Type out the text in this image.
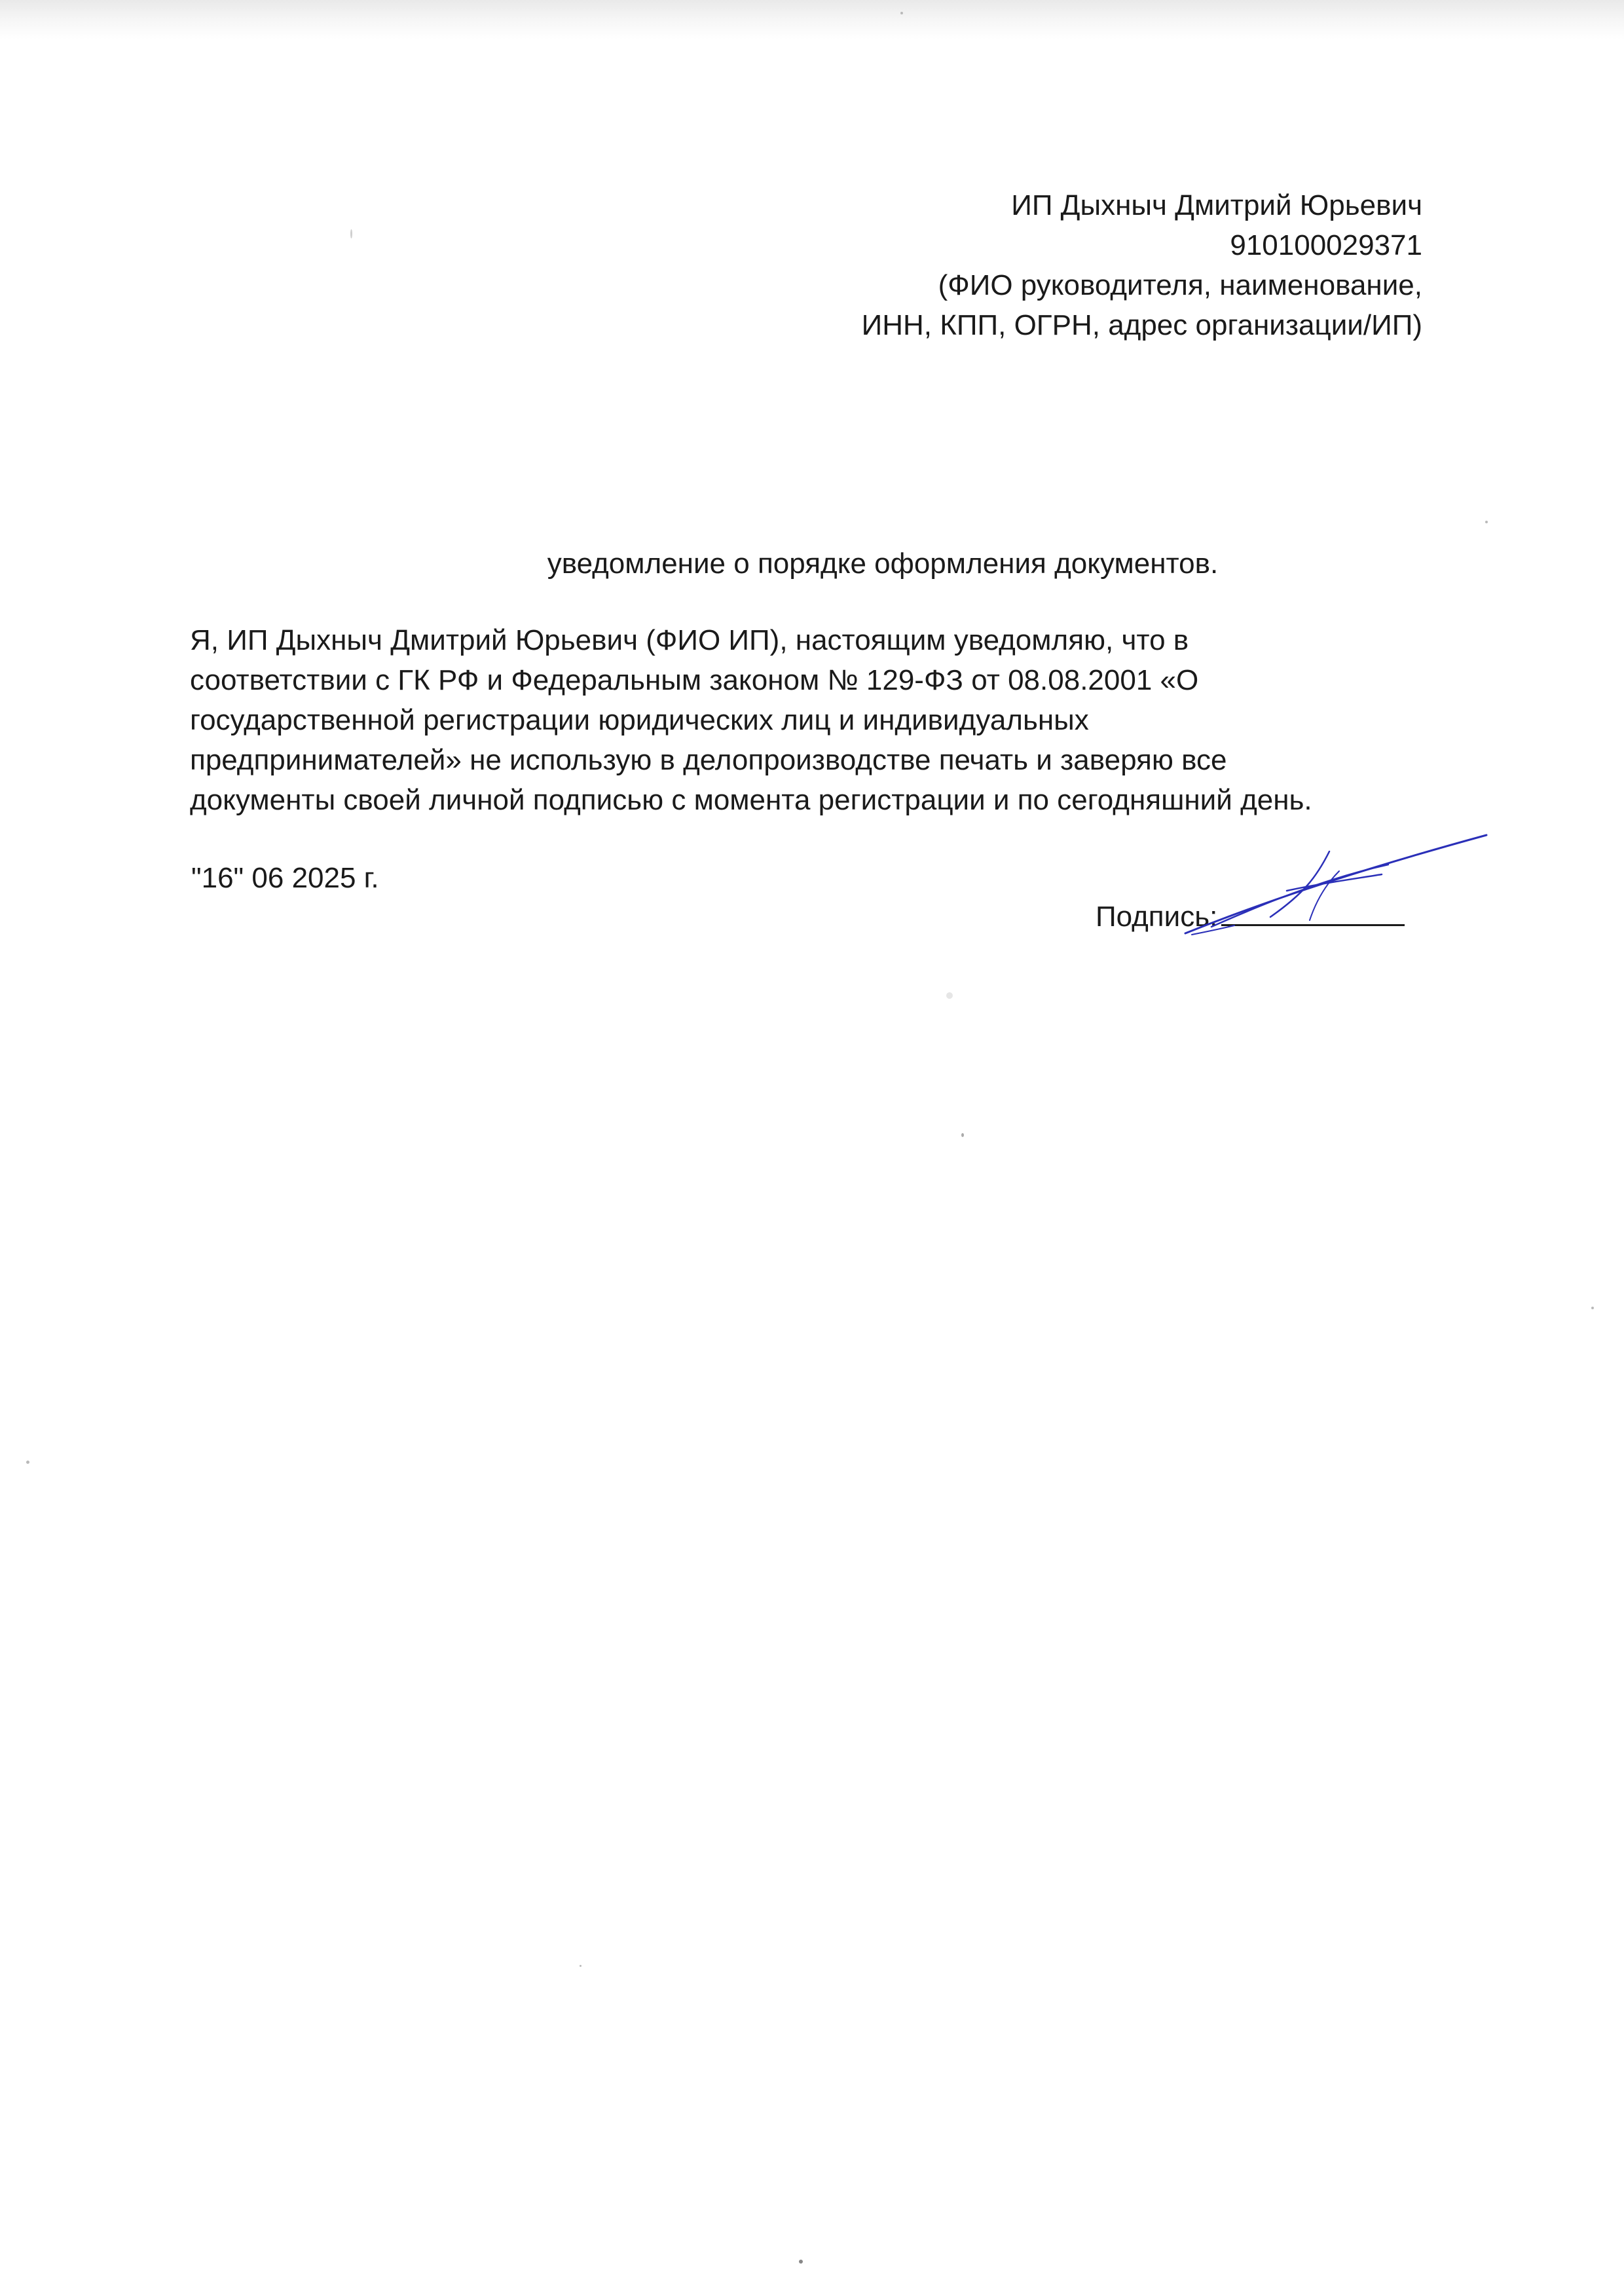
ИП Дыхныч Дмитрий Юрьевич
910100029371
(ФИО руководителя, наименование,
ИНН, КПП, ОГРН, адрес организации/ИП)
уведомление о порядке оформления документов.
Я, ИП Дыхныч Дмитрий Юрьевич (ФИО ИП), настоящим уведомляю, что в
соответствии с ГК РФ и Федеральным законом № 129-ФЗ от 08.08.2001 «О
государственной регистрации юридических лиц и индивидуальных
предпринимателей» не использую в делопроизводстве печать и заверяю все
документы своей личной подписью с момента регистрации и по сегодняшний день.
"16" 06 2025 г.
Подпись:
